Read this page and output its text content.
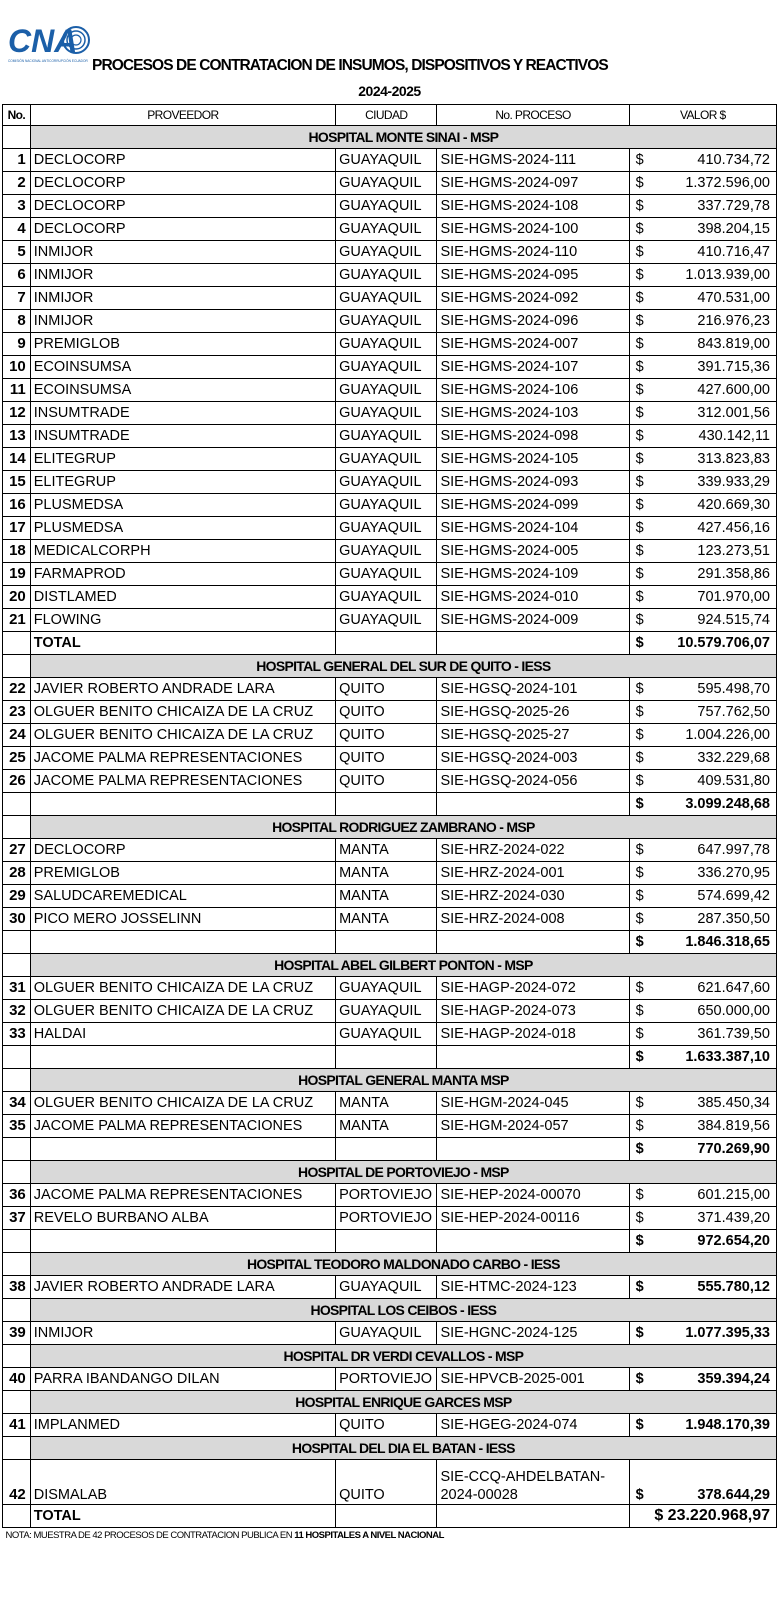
CNA
COMISIÓN NACIONAL ANTICORRUPCIÓN ECUADOR PROCESOS DE CONTRATACION DE INSUMOS, DISPOSITIVOS Y REACTIVOS
2024-2025
No.	PROVEEDOR	CIUDAD	No. PROCESO	VALOR $	
	HOSPITAL MONTE SINAI - MSP				
1	DECLOCORP	GUAYAQUIL	SIE-HGMS-2024-111	$	410.734,72
2	DECLOCORP	GUAYAQUIL	SIE-HGMS-2024-097	$	1.372.596,00
3	DECLOCORP	GUAYAQUIL	SIE-HGMS-2024-108	$	337.729,78
4	DECLOCORP	GUAYAQUIL	SIE-HGMS-2024-100	$	398.204,15
5	INMIJOR	GUAYAQUIL	SIE-HGMS-2024-110	$	410.716,47
6	INMIJOR	GUAYAQUIL	SIE-HGMS-2024-095	$	1.013.939,00
7	INMIJOR	GUAYAQUIL	SIE-HGMS-2024-092	$	470.531,00
8	INMIJOR	GUAYAQUIL	SIE-HGMS-2024-096	$	216.976,23
9	PREMIGLOB	GUAYAQUIL	SIE-HGMS-2024-007	$	843.819,00
10	ECOINSUMSA	GUAYAQUIL	SIE-HGMS-2024-107	$	391.715,36
11	ECOINSUMSA	GUAYAQUIL	SIE-HGMS-2024-106	$	427.600,00
12	INSUMTRADE	GUAYAQUIL	SIE-HGMS-2024-103	$	312.001,56
13	INSUMTRADE	GUAYAQUIL	SIE-HGMS-2024-098	$	430.142,11
14	ELITEGRUP	GUAYAQUIL	SIE-HGMS-2024-105	$	313.823,83
15	ELITEGRUP	GUAYAQUIL	SIE-HGMS-2024-093	$	339.933,29
16	PLUSMEDSA	GUAYAQUIL	SIE-HGMS-2024-099	$	420.669,30
17	PLUSMEDSA	GUAYAQUIL	SIE-HGMS-2024-104	$	427.456,16
18	MEDICALCORPH	GUAYAQUIL	SIE-HGMS-2024-005	$	123.273,51
19	FARMAPROD	GUAYAQUIL	SIE-HGMS-2024-109	$	291.358,86
20	DISTLAMED	GUAYAQUIL	SIE-HGMS-2024-010	$	701.970,00
21	FLOWING	GUAYAQUIL	SIE-HGMS-2024-009	$	924.515,74
	TOTAL			$	10.579.706,07
	HOSPITAL GENERAL DEL SUR DE QUITO - IESS				
22	JAVIER ROBERTO ANDRADE LARA	QUITO	SIE-HGSQ-2024-101	$	595.498,70
23	OLGUER BENITO CHICAIZA DE LA CRUZ	QUITO	SIE-HGSQ-2025-26	$	757.762,50
24	OLGUER BENITO CHICAIZA DE LA CRUZ	QUITO	SIE-HGSQ-2025-27	$	1.004.226,00
25	JACOME PALMA REPRESENTACIONES	QUITO	SIE-HGSQ-2024-003	$	332.229,68
26	JACOME PALMA REPRESENTACIONES	QUITO	SIE-HGSQ-2024-056	$	409.531,80
				$	3.099.248,68
	HOSPITAL RODRIGUEZ ZAMBRANO - MSP				
27	DECLOCORP	MANTA	SIE-HRZ-2024-022	$	647.997,78
28	PREMIGLOB	MANTA	SIE-HRZ-2024-001	$	336.270,95
29	SALUDCAREMEDICAL	MANTA	SIE-HRZ-2024-030	$	574.699,42
30	PICO MERO JOSSELINN	MANTA	SIE-HRZ-2024-008	$	287.350,50
				$	1.846.318,65
	HOSPITAL ABEL GILBERT PONTON - MSP				
31	OLGUER BENITO CHICAIZA DE LA CRUZ	GUAYAQUIL	SIE-HAGP-2024-072	$	621.647,60
32	OLGUER BENITO CHICAIZA DE LA CRUZ	GUAYAQUIL	SIE-HAGP-2024-073	$	650.000,00
33	HALDAI	GUAYAQUIL	SIE-HAGP-2024-018	$	361.739,50
				$	1.633.387,10
	HOSPITAL GENERAL MANTA MSP				
34	OLGUER BENITO CHICAIZA DE LA CRUZ	MANTA	SIE-HGM-2024-045	$	385.450,34
35	JACOME PALMA REPRESENTACIONES	MANTA	SIE-HGM-2024-057	$	384.819,56
				$	770.269,90
	HOSPITAL DE PORTOVIEJO - MSP				
36	JACOME PALMA REPRESENTACIONES	PORTOVIEJO	SIE-HEP-2024-00070	$	601.215,00
37	REVELO BURBANO ALBA	PORTOVIEJO	SIE-HEP-2024-00116	$	371.439,20
				$	972.654,20
	HOSPITAL TEODORO MALDONADO CARBO - IESS				
38	JAVIER ROBERTO ANDRADE LARA	GUAYAQUIL	SIE-HTMC-2024-123	$	555.780,12
	HOSPITAL LOS CEIBOS - IESS				
39	INMIJOR	GUAYAQUIL	SIE-HGNC-2024-125	$	1.077.395,33
	HOSPITAL DR VERDI CEVALLOS - MSP				
40	PARRA IBANDANGO DILAN	PORTOVIEJO	SIE-HPVCB-2025-001	$	359.394,24
	HOSPITAL ENRIQUE GARCES MSP				
41	IMPLANMED	QUITO	SIE-HGEG-2024-074	$	1.948.170,39
	HOSPITAL DEL DIA EL BATAN - IESS				
42	DISMALAB	QUITO	SIE-CCQ-AHDELBATAN-2024-00028	$	378.644,29
	TOTAL			$ 23.220.968,97	
NOTA: MUESTRA DE 42 PROCESOS DE CONTRATACION PUBLICA EN 11 HOSPITALES A NIVEL NACIONAL					
